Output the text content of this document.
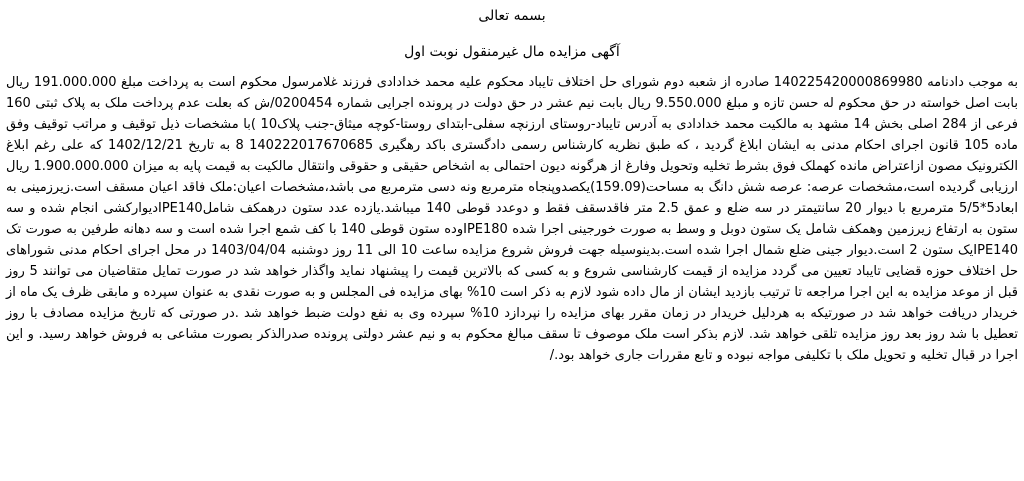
بسمه تعالی

آگهی مزایده مال غیرمنقول نوبت اول

به موجب دادنامه 140225420000869980 صادره از شعبه دوم شورای حل اختلاف تایباد محکوم علیه محمد خدادادی فرزند غلامرسول محکوم است به پرداخت مبلغ 191.000.000 ریال بابت اصل خواسته در حق محکوم له حسن تازه و مبلغ 9.550.000 ریال بابت نیم عشر در حق دولت در پرونده اجرایی شماره 0200454/ش که بعلت عدم پرداخت ملک به پلاک ثبتی 160 فرعی از 284 اصلی بخش 14 مشهد به مالکیت محمد خدادادی به آدرس تایباد-روستای ارزنچه سفلی-ابتدای روستا-کوچه میثاق-جنب پلاک10 )با مشخصات ذیل توقیف و مراتب توقیف وفق ماده 105 قانون اجرای احکام مدنی به ایشان ابلاغ گردید ، که طبق نظریه کارشناس رسمی دادگستری باکد رهگیری 140222017670685 8 به تاریخ 1402/12/21 که علی رغم ابلاغ الکترونیک مصون ازاعتراض مانده کهملک فوق بشرط تخلیه وتحویل وفارغ از هرگونه دیون احتمالی به اشخاص حقیقی و حقوقی وانتقال مالکیت به قیمت پایه به میزان 1.900.000.000 ریال ارزیابی گردیده است،مشخصات عرصه: عرصه شش دانگ به مساحت(159.09)یکصدوپنجاه مترمربع ونه دسی مترمربع می باشد،مشخصات اعیان:ملک فاقد اعیان مسقف است.زیرزمینی به ابعاد5*5/5 مترمربع با دیوار 20 سانتیمتر در سه ضلع و عمق 2.5 متر فاقدسقف فقط و دوعدد قوطی 140 میباشد.یازده عدد ستون درهمکف شاملIPE140دیوارکشی انجام شده و سه ستون به ارتفاع زیرزمین وهمکف شامل یک ستون دوبل و وسط به صورت خورجینی اجرا شده IPE180وده ستون قوطی 140 با کف شمع اجرا شده است و سه دهانه طرفین به صورت تک IPE140یک ستون 2 است.دیوار جینی ضلع شمال اجرا شده است.بدینوسیله جهت فروش شروع مزایده ساعت 10 الی 11 روز دوشنبه 1403/04/04 در محل اجرای احکام مدنی شوراهای حل اختلاف حوزه قضایی تایباد تعیین می گردد مزایده از قیمت کارشناسی شروع و به کسی که بالاترین قیمت را پیشنهاد نماید واگذار خواهد شد در صورت تمایل متقاضیان می توانند 5 روز قبل از موعد مزایده به این اجرا مراجعه تا ترتیب بازدید ایشان از مال داده شود لازم به ذکر است 10% بهای مزایده فی المجلس و به صورت نقدی به عنوان سپرده و مابقی ظرف یک ماه از خریدار دریافت خواهد شد در صورتیکه به هردلیل خریدار در زمان مقرر بهای مزایده را نپردازد 10% سپرده وی به نفع دولت ضبط خواهد شد .در صورتی که تاریخ مزایده مصادف با روز تعطیل با شد روز بعد روز مزایده تلقی خواهد شد. لازم بذکر است ملک موصوف تا سقف مبالغ محکوم به و نیم عشر دولتی پرونده صدرالذکر بصورت مشاعی به فروش خواهد رسید. و این اجرا در قبال تخلیه و تحویل ملک با تکلیفی مواجه نبوده و تابع مقررات جاری خواهد بود./
